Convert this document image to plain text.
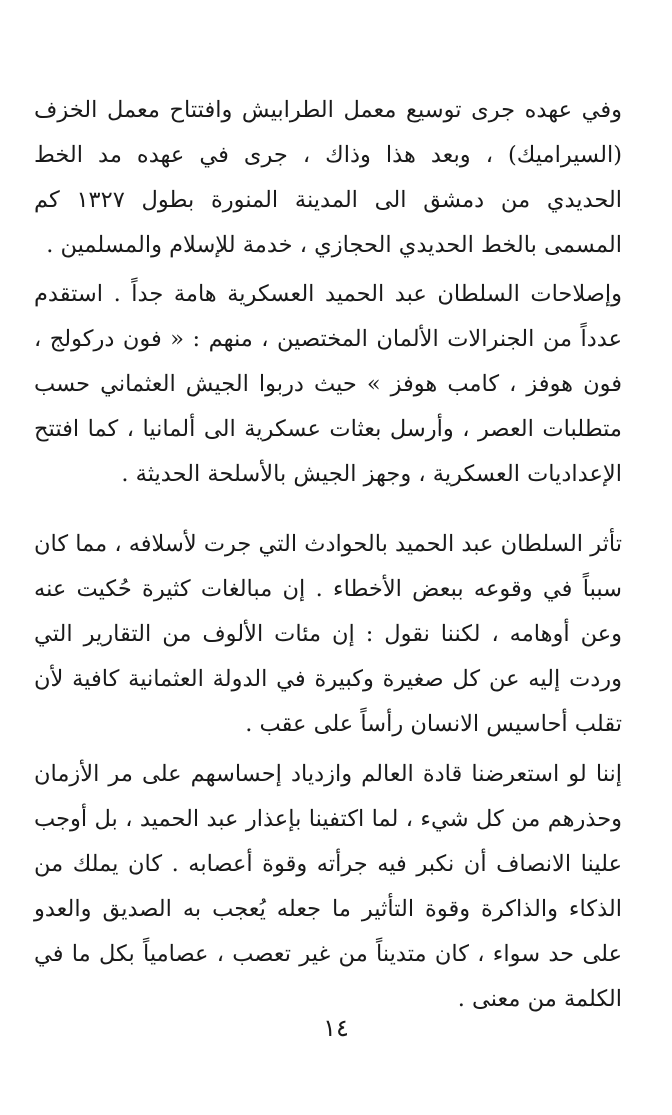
وفي عهده جرى توسيع معمل الطرابيش وافتتاح معمل الخزف (السيراميك) ، وبعد هذا وذاك ، جرى في عهده مد الخط الحديدي من دمشق الى المدينة المنورة بطول ١٣٢٧ كم المسمى بالخط الحديدي الحجازي ، خدمة للإسلام والمسلمين .

وإصلاحات السلطان عبد الحميد العسكرية هامة جداً . استقدم عدداً من الجنرالات الألمان المختصين ، منهم : « فون دركولج ، فون هوفز ، كامب هوفز » حيث دربوا الجيش العثماني حسب متطلبات العصر ، وأرسل بعثات عسكرية الى ألمانيا ، كما افتتح الإعداديات العسكرية ، وجهز الجيش بالأسلحة الحديثة .

تأثر السلطان عبد الحميد بالحوادث التي جرت لأسلافه ، مما كان سبباً في وقوعه ببعض الأخطاء . إن مبالغات كثيرة حُكيت عنه وعن أوهامه ، لكننا نقول : إن مئات الألوف من التقارير التي وردت إليه عن كل صغيرة وكبيرة في الدولة العثمانية كافية لأن تقلب أحاسيس الانسان رأساً على عقب .

إننا لو استعرضنا قادة العالم وازدياد إحساسهم على مر الأزمان وحذرهم من كل شيء ، لما اكتفينا بإعذار عبد الحميد ، بل أوجب علينا الانصاف أن نكبر فيه جرأته وقوة أعصابه . كان يملك من الذكاء والذاكرة وقوة التأثير ما جعله يُعجب به الصديق والعدو على حد سواء ، كان متديناً من غير تعصب ، عصامياً بكل ما في الكلمة من معنى .

١٤
